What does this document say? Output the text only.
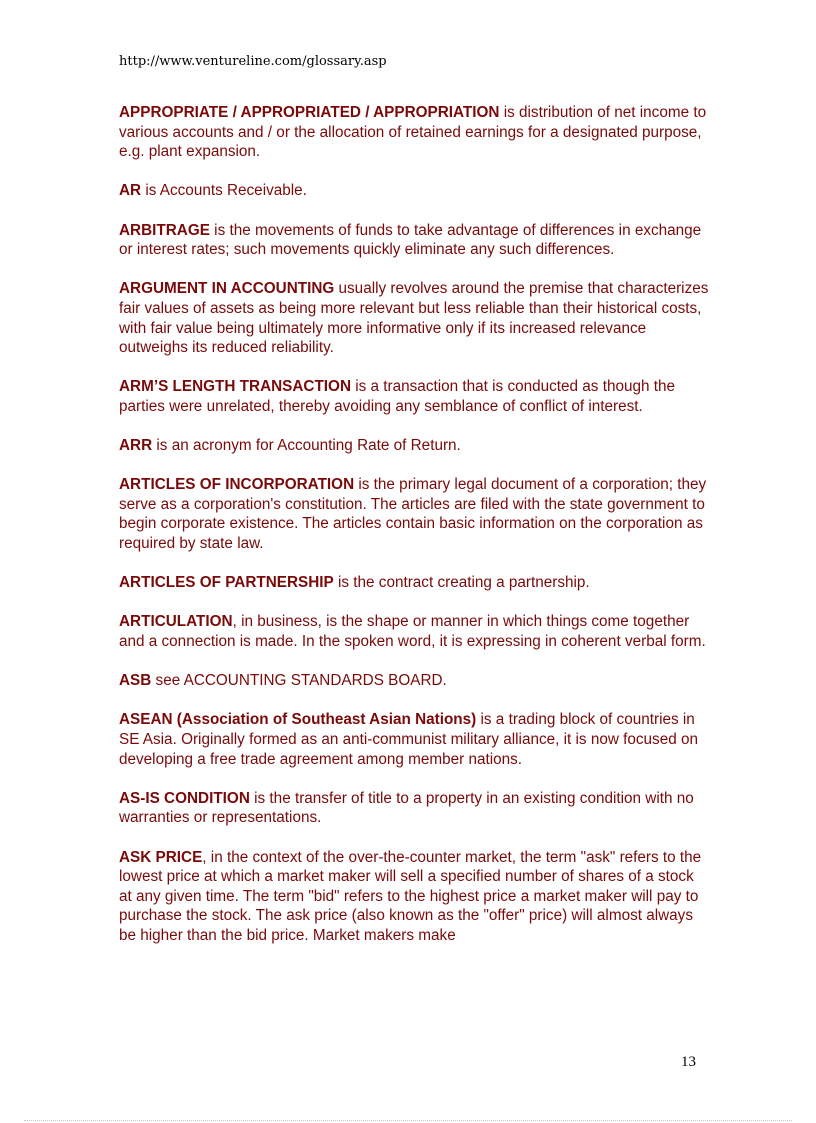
http://www.ventureline.com/glossary.asp

APPROPRIATE / APPROPRIATED / APPROPRIATION is distribution of net income to various accounts and / or the allocation of retained earnings for a designated purpose, e.g. plant expansion.

AR is Accounts Receivable.

ARBITRAGE is the movements of funds to take advantage of differences in exchange or interest rates; such movements quickly eliminate any such differences.

ARGUMENT IN ACCOUNTING usually revolves around the premise that characterizes fair values of assets as being more relevant but less reliable than their historical costs, with fair value being ultimately more informative only if its increased relevance outweighs its reduced reliability.

ARM’S LENGTH TRANSACTION is a transaction that is conducted as though the parties were unrelated, thereby avoiding any semblance of conflict of interest.

ARR is an acronym for Accounting Rate of Return.

ARTICLES OF INCORPORATION is the primary legal document of a corporation; they serve as a corporation's constitution. The articles are filed with the state government to begin corporate existence. The articles contain basic information on the corporation as required by state law.

ARTICLES OF PARTNERSHIP is the contract creating a partnership.

ARTICULATION, in business, is the shape or manner in which things come together and a connection is made. In the spoken word, it is expressing in coherent verbal form.

ASB see ACCOUNTING STANDARDS BOARD.

ASEAN (Association of Southeast Asian Nations) is a trading block of countries in SE Asia. Originally formed as an anti-communist military alliance, it is now focused on developing a free trade agreement among member nations.

AS-IS CONDITION is the transfer of title to a property in an existing condition with no warranties or representations.

ASK PRICE, in the context of the over-the-counter market, the term "ask" refers to the lowest price at which a market maker will sell a specified number of shares of a stock at any given time. The term "bid" refers to the highest price a market maker will pay to purchase the stock. The ask price (also known as the "offer" price) will almost always be higher than the bid price. Market makers make

13
